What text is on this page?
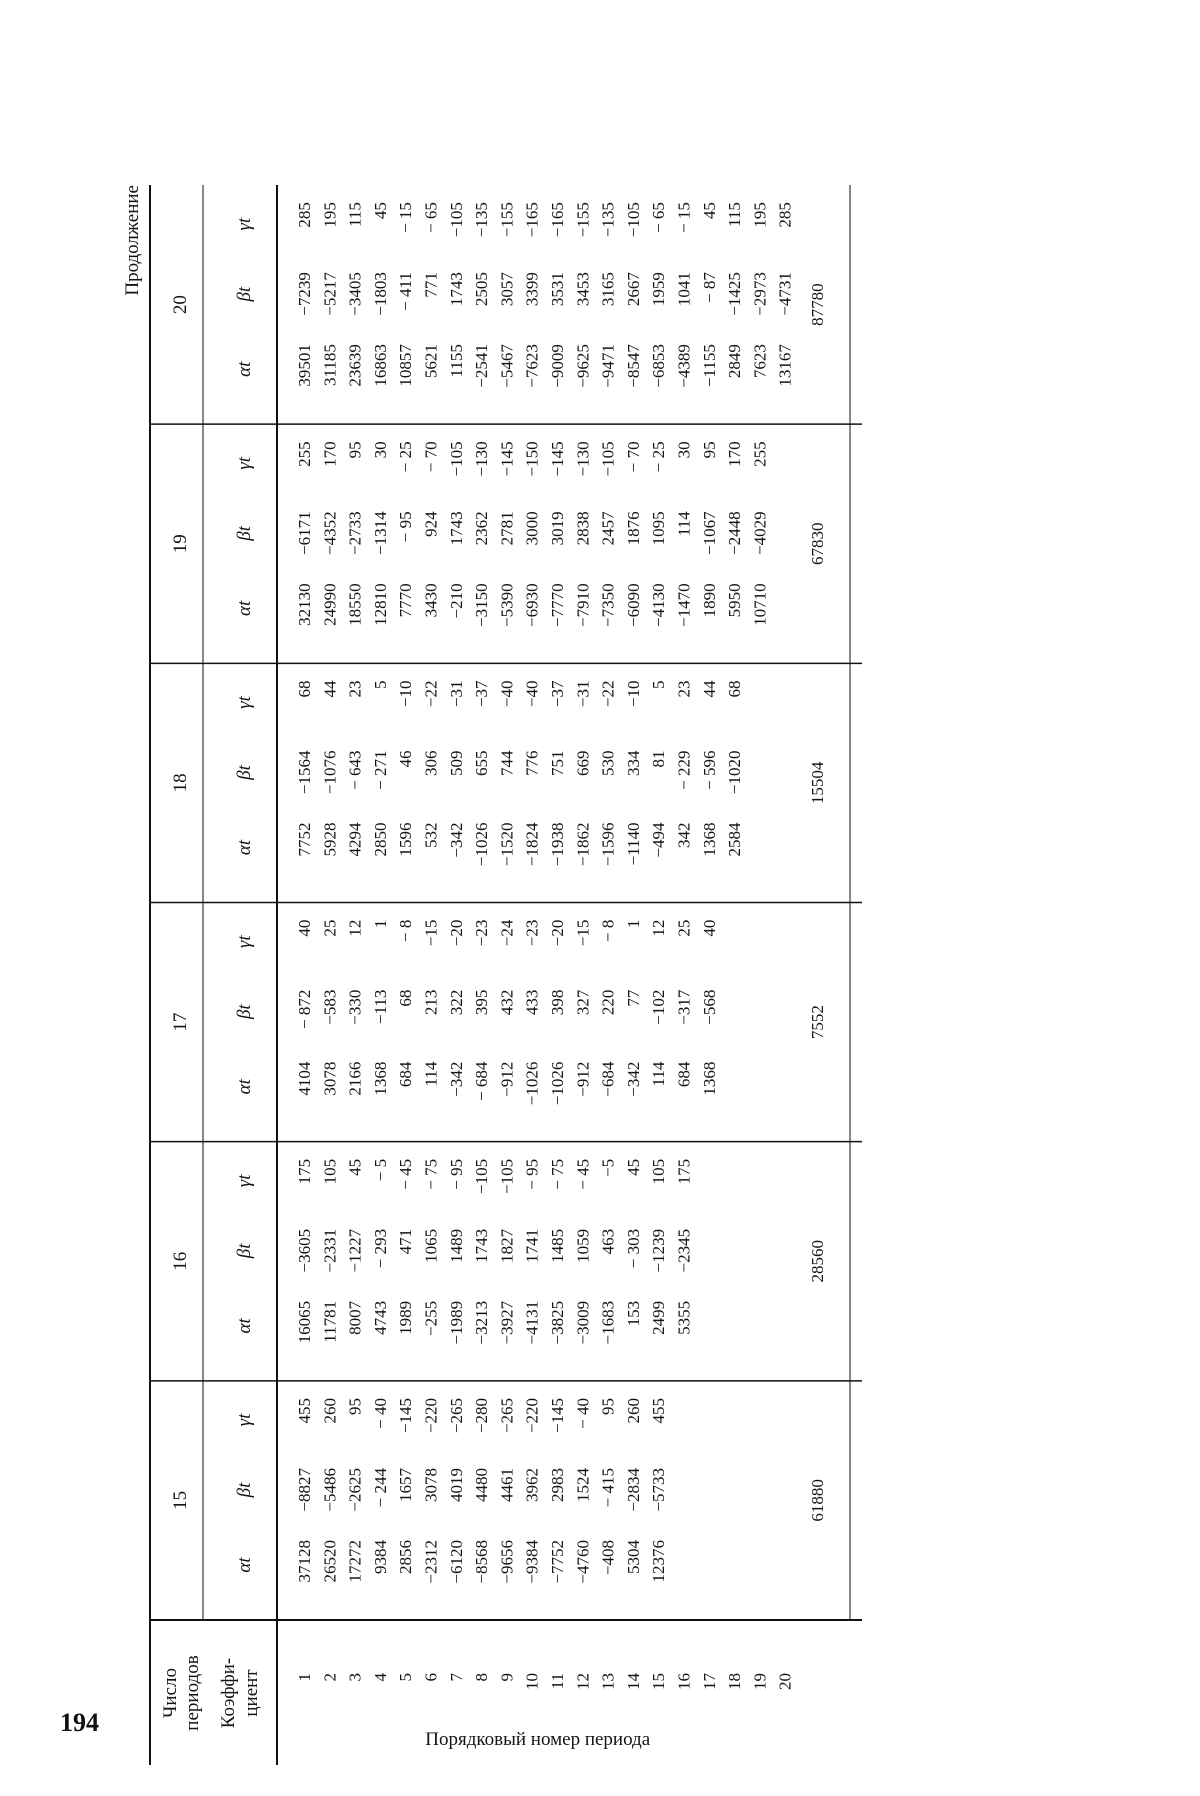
194
Продолжение
Число периодов Коэффи- циент
Порядковый номер периода
1 2 3 4 5 6 7 8 9 10 11 12 13 14 15 16 17 18 19 20
15
αt
βt
γt
37128 26520 17272 9384 2856 −2312 −6120 −8568 −9656 −9384 −7752 −4760 −408 5304 12376
−8827 −5486 −2625 − 244 1657 3078 4019 4480 4461 3962 2983 1524 − 415 −2834 −5733
455 260 95 − 40 −145 −220 −265 −280 −265 −220 −145 − 40 95 260 455
61880
16
αt
βt
γt
16065 11781 8007 4743 1989 −255 −1989 −3213 −3927 −4131 −3825 −3009 −1683 153 2499 5355
−3605 −2331 −1227 − 293 471 1065 1489 1743 1827 1741 1485 1059 463 − 303 −1239 −2345
175 105 45 − 5 − 45 − 75 − 95 −105 −105 − 95 − 75 − 45 −5 45 105 175
28560
17
αt
βt
γt
4104 3078 2166 1368 684 114 −342 − 684 −912 −1026 −1026 −912 −684 −342 114 684 1368
− 872 −583 −330 −113 68 213 322 395 432 433 398 327 220 77 −102 −317 −568
40 25 12 1 − 8 −15 −20 −23 −24 −23 −20 −15 − 8 1 12 25 40
7552
18
αt
βt
γt
7752 5928 4294 2850 1596 532 −342 −1026 −1520 −1824 −1938 −1862 −1596 −1140 −494 342 1368 2584
−1564 −1076 − 643 − 271 46 306 509 655 744 776 751 669 530 334 81 − 229 − 596 −1020
68 44 23 5 −10 −22 −31 −37 −40 −40 −37 −31 −22 −10 5 23 44 68
15504
19
αt
βt
γt
32130 24990 18550 12810 7770 3430 −210 −3150 −5390 −6930 −7770 −7910 −7350 −6090 −4130 −1470 1890 5950 10710
−6171 −4352 −2733 −1314 − 95 924 1743 2362 2781 3000 3019 2838 2457 1876 1095 114 −1067 −2448 −4029
255 170 95 30 − 25 − 70 −105 −130 −145 −150 −145 −130 −105 − 70 − 25 30 95 170 255
67830
20
αt
βt
γt
39501 31185 23639 16863 10857 5621 1155 −2541 −5467 −7623 −9009 −9625 −9471 −8547 −6853 −4389 −1155 2849 7623 13167
−7239 −5217 −3405 −1803 − 411 771 1743 2505 3057 3399 3531 3453 3165 2667 1959 1041 − 87 −1425 −2973 −4731
285 195 115 45 − 15 − 65 −105 −135 −155 −165 −165 −155 −135 −105 − 65 − 15 45 115 195 285
87780
